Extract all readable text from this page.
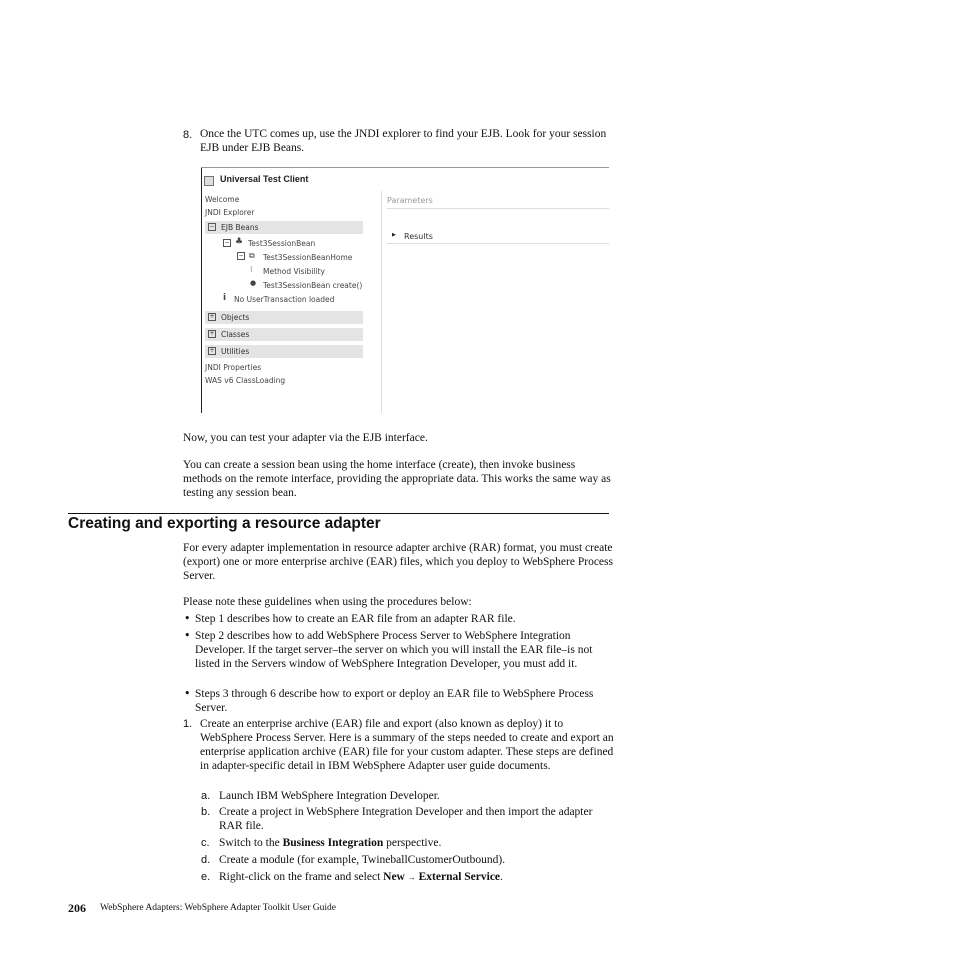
8. Once the UTC comes up, use the JNDI explorer to find your EJB. Look for your session EJB under EJB Beans.

Universal Test Client
Welcome
JNDI Explorer
− EJB Beans
− ♣ Test3SessionBean
− ⧉ Test3SessionBeanHome
⁝ Method Visibility
● Test3SessionBean create()
i No UserTransaction loaded
+ Objects
+ Classes
+ Utilities
JNDI Properties
WAS v6 ClassLoading
Parameters
▶ Results

Now, you can test your adapter via the EJB interface.

You can create a session bean using the home interface (create), then invoke business methods on the remote interface, providing the appropriate data. This works the same way as testing any session bean.

Creating and exporting a resource adapter

For every adapter implementation in resource adapter archive (RAR) format, you must create (export) one or more enterprise archive (EAR) files, which you deploy to WebSphere Process Server.

Please note these guidelines when using the procedures below:

• Step 1 describes how to create an EAR file from an adapter RAR file.

• Step 2 describes how to add WebSphere Process Server to WebSphere Integration Developer. If the target server–the server on which you will install the EAR file–is not listed in the Servers window of WebSphere Integration Developer, you must add it.

• Steps 3 through 6 describe how to export or deploy an EAR file to WebSphere Process Server.

1. Create an enterprise archive (EAR) file and export (also known as deploy) it to WebSphere Process Server. Here is a summary of the steps needed to create and export an enterprise application archive (EAR) file for your custom adapter. These steps are defined in adapter-specific detail in IBM WebSphere Adapter user guide documents.

a. Launch IBM WebSphere Integration Developer.

b. Create a project in WebSphere Integration Developer and then import the adapter RAR file.

c. Switch to the Business Integration perspective.

d. Create a module (for example, TwineballCustomerOutbound).

e. Right-click on the frame and select New → External Service.

206 WebSphere Adapters: WebSphere Adapter Toolkit User Guide
